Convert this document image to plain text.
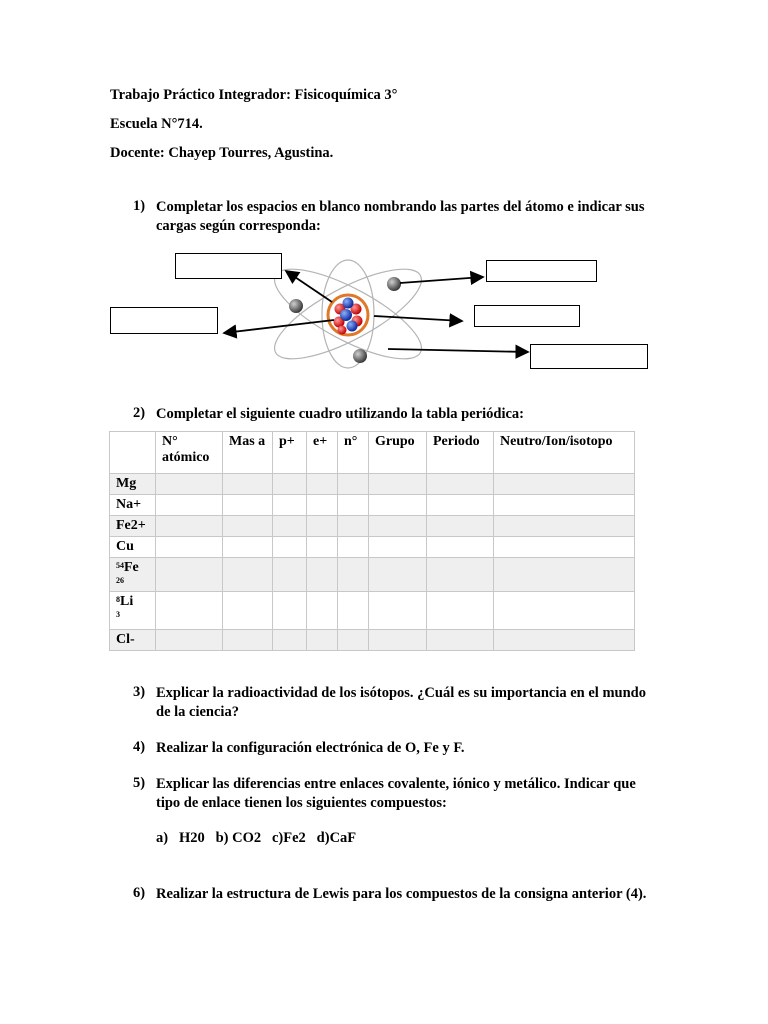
Trabajo Práctico Integrador: Fisicoquímica 3°
Escuela N°714.
Docente: Chayep Tourres, Agustina.
1) Completar los espacios en blanco nombrando las partes del átomo e indicar sus cargas según corresponda:
2) Completar el siguiente cuadro utilizando la tabla periódica:
	N° atómico	Mas a	p+	e+	n°	Grupo	Periodo	Neutro/Ion/isotopo
Mg								
Na+								
Fe2+								
Cu								
$^{54}$Fe
26								

$^8$Li
3								

Cl-								
3) Explicar la radioactividad de los isótopos. ¿Cuál es su importancia en el mundo de la ciencia?
4) Realizar la configuración electrónica de O, Fe y F.
5) Explicar las diferencias entre enlaces covalente, iónico y metálico. Indicar que tipo de enlace tienen los siguientes compuestos:
a)   H20   b) CO2   c)Fe2   d)CaF
6) Realizar la estructura de Lewis para los compuestos de la consigna anterior (4).
